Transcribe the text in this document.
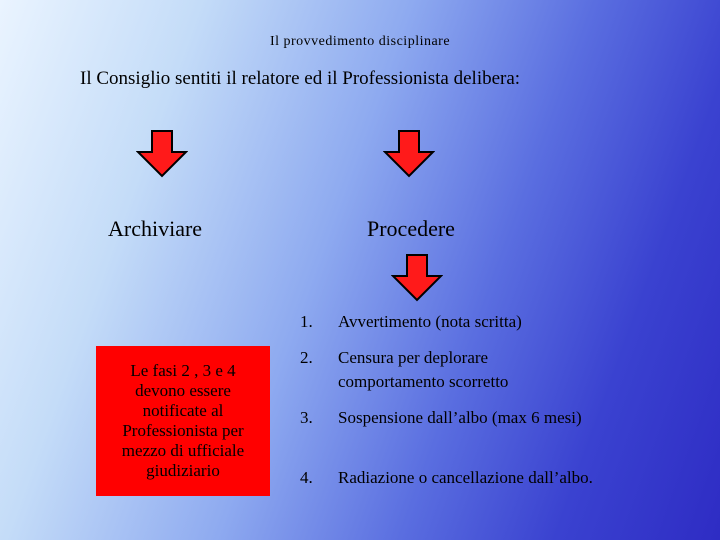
Il provvedimento disciplinare
Il Consiglio sentiti il relatore ed il Professionista delibera:
Archiviare	Procedere
Le fasi 2 , 3 e 4 devono essere notificate al Professionista per mezzo di ufficiale giudiziario
1. Avvertimento (nota scritta)
2. Censura per deplorare comportamento scorretto
3. Sospensione dall’albo (max 6 mesi)
4. Radiazione o cancellazione dall’albo.
